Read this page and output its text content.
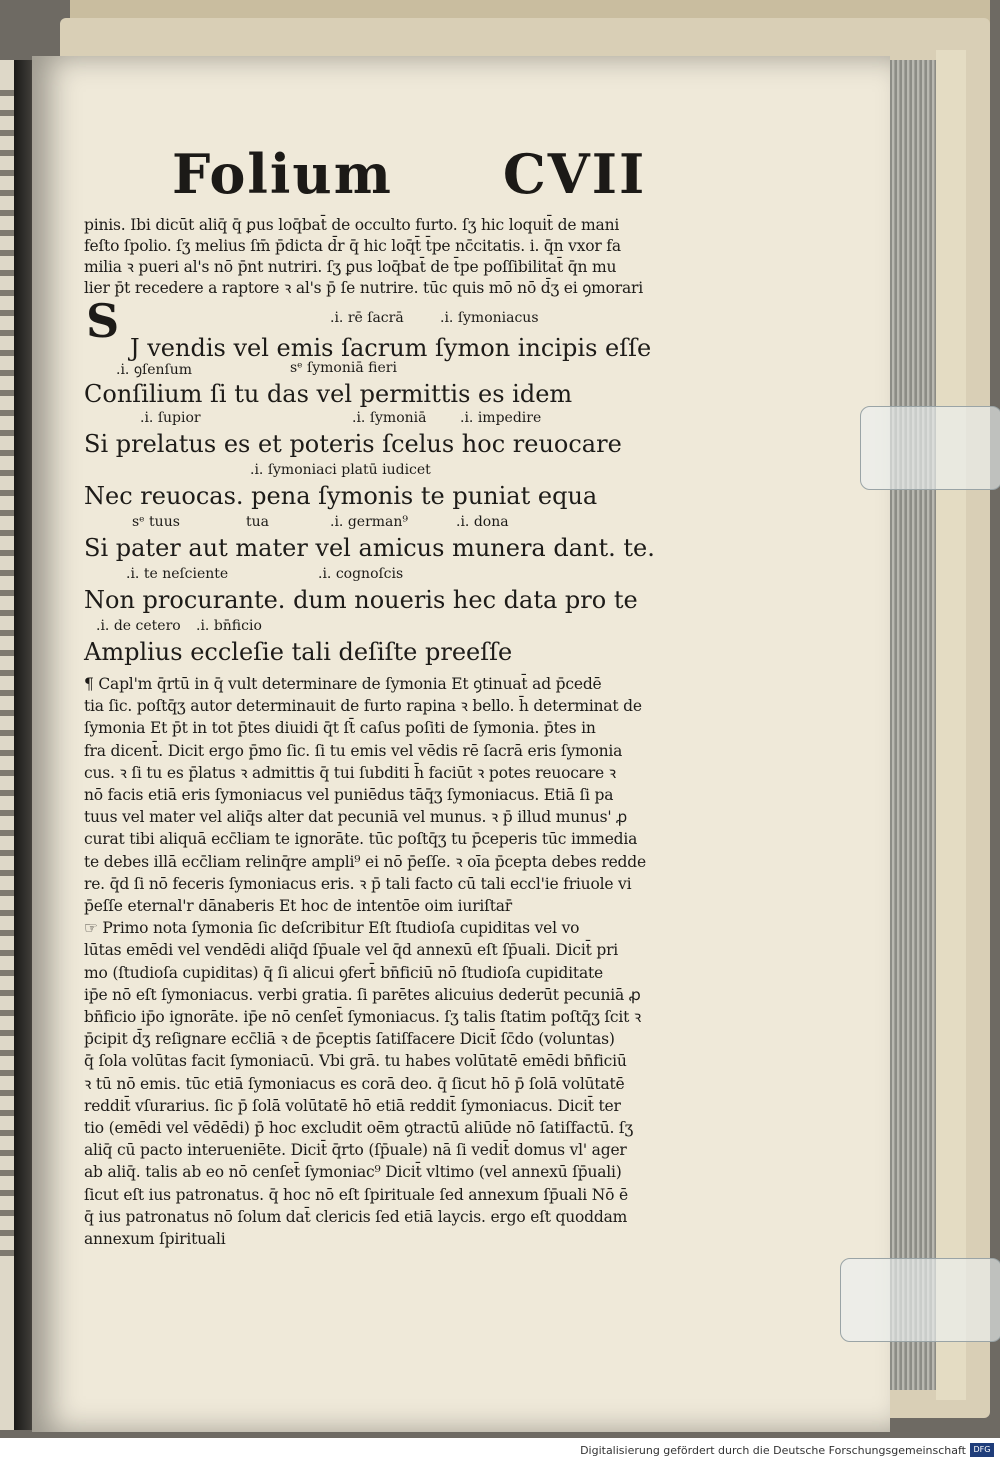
Folium CVII
pinis. Ibi dicūt aliq̄ q̄ ꝑus loq̄bat̄ de occulto furto. ſʒ hic loquit̄ de mani
feſto ſpolio. ſʒ melius ſm̄ p̄dicta d̄r q̄ hic loq̄t̄ t̄pe nc̄citatis. i. q̄n vxor fa
milia ꝛ pueri al's nō p̄nt nutriri. ſʒ ꝑus loq̄bat̄ de t̄pe poſſibilitat̄ q̄n mu
lier p̄t recedere a raptore ꝛ al's p̄ ſe nutrire. tūc quis mō nō d̄ʒ ei ꝯmorari
.i. rē ſacrā	.i. ſymoniacus
S J vendis vel emis ſacrum ſymon incipis eſſe
.i. ꝯſenſum	sᵉ ſymoniā fieri
Conſilium ſi tu das vel permittis es idem
.i. ſupior	.i. ſymoniā .i. impedire
Si prelatus es et poteris ſcelus hoc reuocare
.i. ſymoniaci platū iudicet
Nec reuocas. pena ſymonis te puniat equa
sᵉ tuus	tua	.i. german⁹	.i. dona
Si pater aut mater vel amicus munera dant. te.
.i. te neſciente	.i. cognoſcis
Non procurante. dum noueris hec data pro te
.i. de cetero .i. bn̄ficio
Amplius eccleſie tali deſiſte preeſſe
¶ Capl'm q̄rtū in q̄ vult determinare de ſymonia Et ꝯtinuat̄ ad p̄cedē
tia ſic. poſtq̄ʒ autor determinauit de furto rapina ꝛ bello. h̄ determinat de
ſymonia Et p̄t in tot p̄tes diuidi q̄t ſt̄ caſus poſiti de ſymonia. p̄tes in
fra dicent̄. Dicit ergo p̄mo ſic. ſi tu emis vel vēdis rē ſacrā eris ſymonia
cus. ꝛ ſi tu es p̄latus ꝛ admittis q̄ tui ſubditi h̄ faciūt ꝛ potes reuocare ꝛ
nō facis etiā eris ſymoniacus vel puniēdus tāq̄ʒ ſymoniacus. Etiā ſi pa
tuus vel mater vel aliq̄s alter dat pecuniā vel munus. ꝛ p̄ illud munus' ꝓ
curat tibi aliquā ecc̄liam te ignorāte. tūc poſtq̄ʒ tu p̄ceperis tūc immedia
te debes illā ecc̄liam relinq̄re ampli⁹ ei nō p̄eſſe. ꝛ oīa p̄cepta debes redde
re. q̄d ſi nō feceris ſymoniacus eris. ꝛ p̄ tali facto cū tali eccl'ie friuole vi
p̄eſſe eternal'r dānaberis Et hoc de intentōe oim iuriſtar̄
☞ Primo nota ſymonia ſic deſcribitur Eſt ſtudioſa cupiditas vel vo
lūtas emēdi vel vendēdi aliq̄d ſp̄uale vel q̄d annexū eſt ſp̄uali. Dicit̄ pri
mo (ſtudioſa cupiditas) q̄ ſi alicui ꝯfert̄ bn̄ficiū nō ſtudioſa cupiditate
ip̄e nō eſt ſymoniacus. verbi gratia. ſi parētes alicuius dederūt pecuniā ꝓ
bn̄ficio ip̄o ignorāte. ip̄e nō cenſet̄ ſymoniacus. ſʒ talis ſtatim poſtq̄ʒ ſcit ꝛ
p̄cipit d̄ʒ reſignare ecc̄liā ꝛ de p̄ceptis ſatiſfacere Dicit̄ ſc̄do (voluntas)
q̄ ſola volūtas facit ſymoniacū. Vbi grā. tu habes volūtatē emēdi bn̄ficiū
ꝛ tū nō emis. tūc etiā ſymoniacus es corā deo. q̄ ſicut hō p̄ ſolā volūtatē
reddit̄ vſurarius. ſic p̄ ſolā volūtatē hō etiā reddit̄ ſymoniacus. Dicit̄ ter
tio (emēdi vel vēdēdi) p̄ hoc excludit oēm ꝯtractū aliūde nō ſatiſfactū. ſʒ
aliq̄ cū pacto interueniēte. Dicit̄ q̄rto (ſp̄uale) nā ſi vedit̄ domus vl' ager
ab aliq̄. talis ab eo nō cenſet̄ ſymoniac⁹ Dicit̄ vltimo (vel annexū ſp̄uali)
ſicut eſt ius patronatus. q̄ hoc nō eſt ſpirituale ſed annexum ſp̄uali Nō ē
q̄ ius patronatus nō ſolum dat̄ clericis ſed etiā laycis. ergo eſt quoddam
annexum ſpirituali
Digitalisierung gefördert durch die Deutsche Forschungsgemeinschaft DFG
